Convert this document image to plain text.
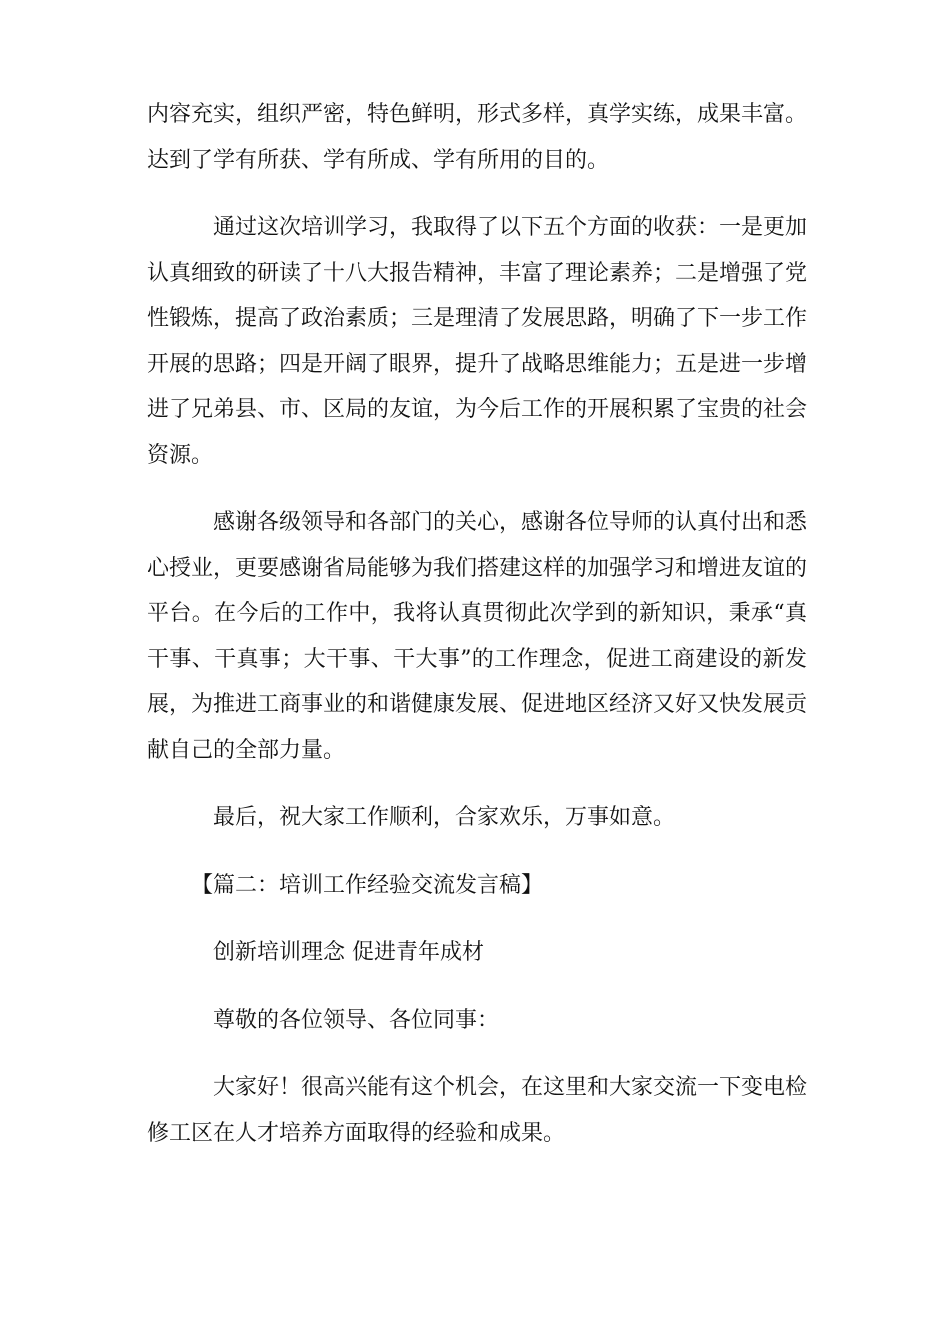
内容充实，组织严密，特色鲜明，形式多样，真学实练，成果丰富。达到了学有所获、学有所成、学有所用的目的。

通过这次培训学习，我取得了以下五个方面的收获：一是更加认真细致的研读了十八大报告精神，丰富了理论素养；二是增强了党性锻炼，提高了政治素质；三是理清了发展思路，明确了下一步工作开展的思路；四是开阔了眼界，提升了战略思维能力；五是进一步增进了兄弟县、市、区局的友谊，为今后工作的开展积累了宝贵的社会资源。

感谢各级领导和各部门的关心，感谢各位导师的认真付出和悉心授业，更要感谢省局能够为我们搭建这样的加强学习和增进友谊的平台。在今后的工作中，我将认真贯彻此次学到的新知识，秉承“真干事、干真事；大干事、干大事”的工作理念，促进工商建设的新发展，为推进工商事业的和谐健康发展、促进地区经济又好又快发展贡献自己的全部力量。

最后，祝大家工作顺利，合家欢乐，万事如意。

【篇二：培训工作经验交流发言稿】

创新培训理念 促进青年成材

尊敬的各位领导、各位同事：

大家好！很高兴能有这个机会，在这里和大家交流一下变电检修工区在人才培养方面取得的经验和成果。
